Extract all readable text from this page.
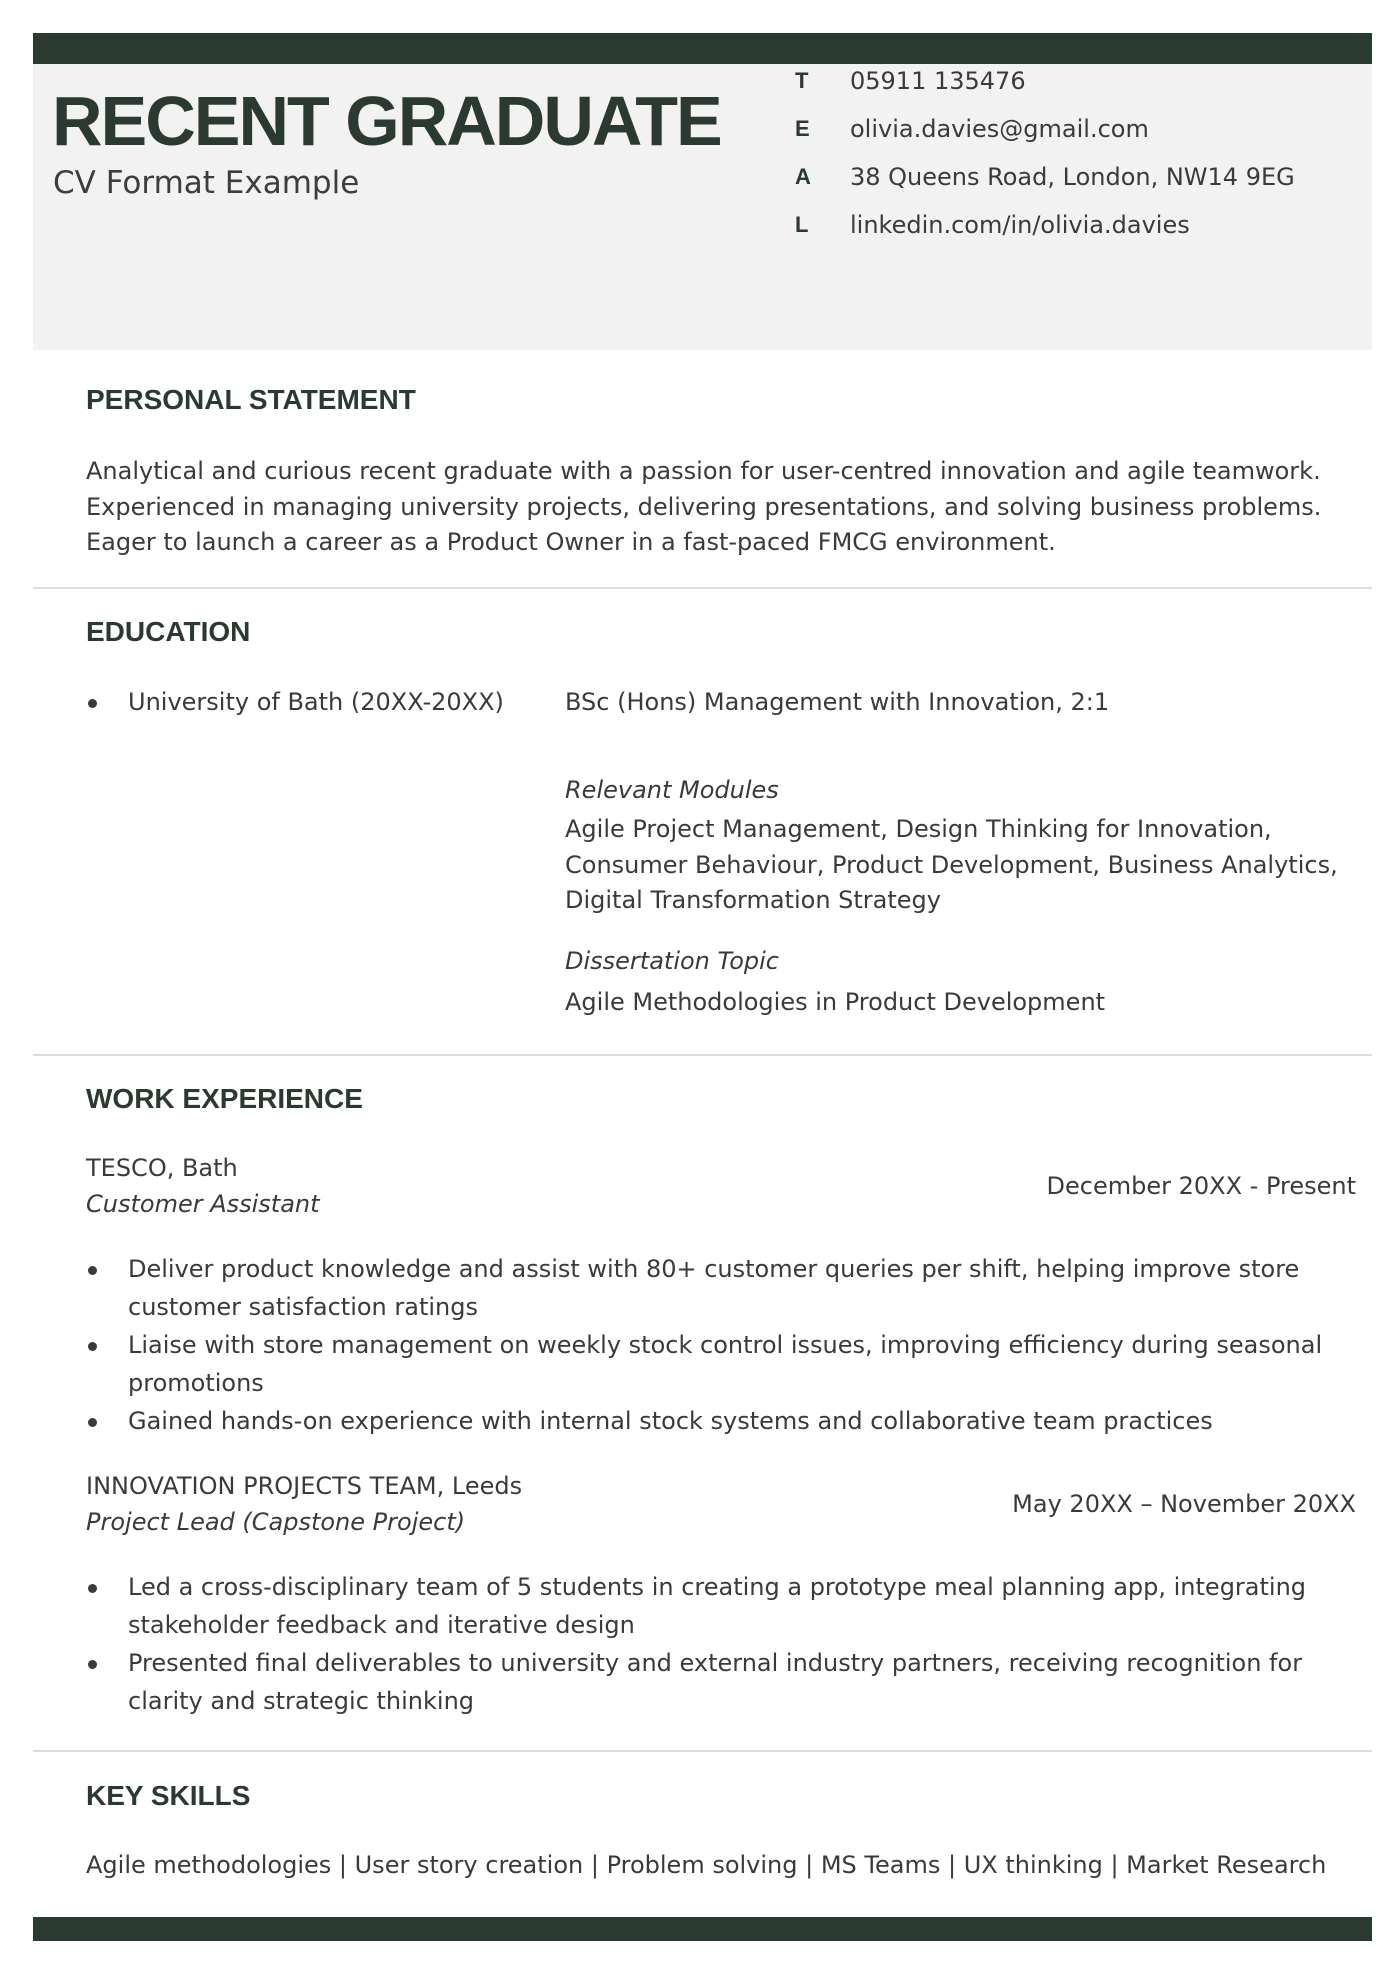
RECENT GRADUATE
CV Format Example
T	05911 135476
E	olivia.davies@gmail.com
A	38 Queens Road, London, NW14 9EG
L	linkedin.com/in/olivia.davies
PERSONAL STATEMENT
Analytical and curious recent graduate with a passion for user-centred innovation and agile teamwork.
Experienced in managing university projects, delivering presentations, and solving business problems.
Eager to launch a career as a Product Owner in a fast-paced FMCG environment.
EDUCATION
University of Bath (20XX-20XX)	BSc (Hons) Management with Innovation, 2:1
Relevant Modules
Agile Project Management, Design Thinking for Innovation,
Consumer Behaviour, Product Development, Business Analytics,
Digital Transformation Strategy
Dissertation Topic
Agile Methodologies in Product Development
WORK EXPERIENCE
TESCO, Bath
Customer Assistant
December 20XX - Present
Deliver product knowledge and assist with 80+ customer queries per shift, helping improve store customer satisfaction ratings
Liaise with store management on weekly stock control issues, improving efficiency during seasonal promotions
Gained hands-on experience with internal stock systems and collaborative team practices
INNOVATION PROJECTS TEAM, Leeds
Project Lead (Capstone Project)
May 20XX – November 20XX
Led a cross-disciplinary team of 5 students in creating a prototype meal planning app, integrating stakeholder feedback and iterative design
Presented final deliverables to university and external industry partners, receiving recognition for clarity and strategic thinking
KEY SKILLS
Agile methodologies | User story creation | Problem solving | MS Teams | UX thinking | Market Research
